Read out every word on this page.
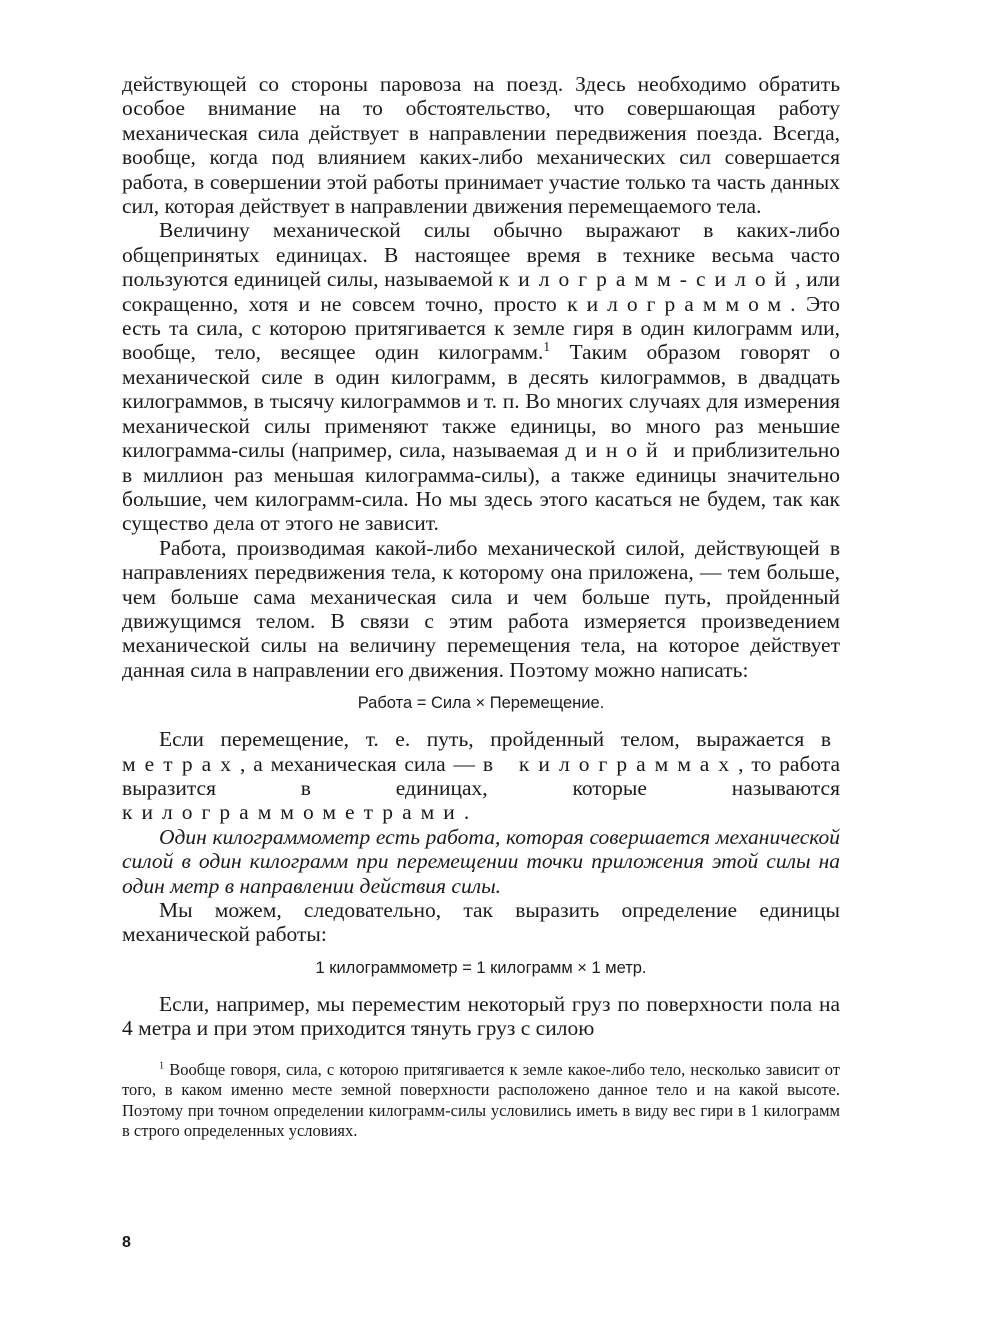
действующей со стороны паровоза на поезд. Здесь необходимо обратить особое внимание на то обстоятельство, что совершающая работу механическая сила действует в направлении передвижения поезда. Всегда, вообще, когда под влиянием каких-либо механических сил совершается работа, в совершении этой работы принимает участие только та часть данных сил, которая действует в направлении движения перемещаемого тела.

Величину механической силы обычно выражают в каких-либо общепринятых единицах. В настоящее время в технике весьма часто пользуются единицей силы, называемой килограмм-силой, или сокращенно, хотя и не совсем точно, просто килограммом. Это есть та сила, с которою притягивается к земле гиря в один килограмм или, вообще, тело, весящее один килограмм.$^1$ Таким образом говорят о механической силе в один килограмм, в десять килограммов, в двадцать килограммов, в тысячу килограммов и т. п. Во многих случаях для измерения механической силы применяют также единицы, во много раз меньшие килограмма-силы (например, сила, называемая диной и приблизительно в миллион раз меньшая килограмма-силы), а также единицы значительно большие, чем килограмм-сила. Но мы здесь этого касаться не будем, так как существо дела от этого не зависит.

Работа, производимая какой-либо механической силой, действующей в направлениях передвижения тела, к которому она приложена, — тем больше, чем больше сама механическая сила и чем больше путь, пройденный движущимся телом. В связи с этим работа измеряется произведением механической силы на величину перемещения тела, на которое действует данная сила в направлении его движения. Поэтому можно написать:

Работа = Сила × Перемещение.

Если перемещение, т. е. путь, пройденный телом, выражается в метрах, а механическая сила — в килограммах, то работа выразится в единицах, которые называются килограммометрами.

Один килограммометр есть работа, которая совершается механической силой в один килограмм при перемещении точки приложения этой силы на один метр в направлении действия силы.

Мы можем, следовательно, так выразить определение единицы механической работы:

1 килограммометр = 1 килограмм × 1 метр.

Если, например, мы переместим некоторый груз по поверхности пола на 4 метра и при этом приходится тянуть груз с силою

$^1$ Вообще говоря, сила, с которою притягивается к земле какое-либо тело, несколько зависит от того, в каком именно месте земной поверхности расположено данное тело и на какой высоте. Поэтому при точном определении килограмм-силы условились иметь в виду вес гири в 1 килограмм в строго определенных условиях.

8
